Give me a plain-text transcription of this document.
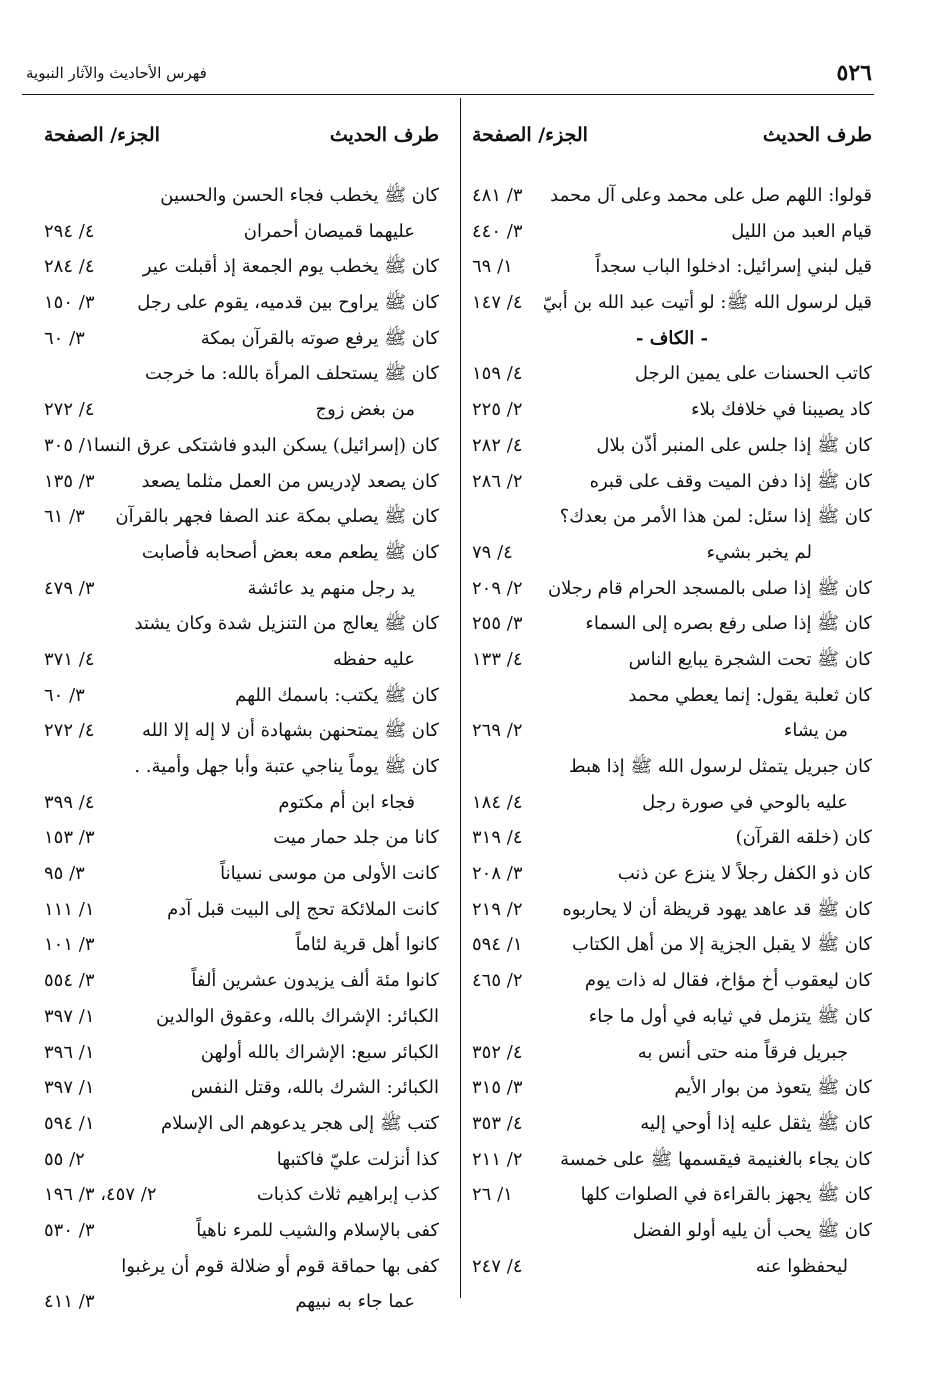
٥٢٦
فهرس الأحاديث والآثار النبوية
طرف الحديث
الجزء/ الصفحة
قولوا: اللهم صل على محمد وعلى آل محمد
٣/ ٤٨١
قيام العبد من الليل
٣/ ٤٤٠
قيل لبني إسرائيل: ادخلوا الباب سجداً
١/ ٦٩
قيل لرسول الله ﷺ: لو أتيت عبد الله بن أبيّ
٤/ ١٤٧
- الكاف -
كاتب الحسنات على يمين الرجل
٤/ ١٥٩
كاد يصيبنا في خلافك بلاء
٢/ ٢٢٥
كان ﷺ إذا جلس على المنبر أذّن بلال
٤/ ٢٨٢
كان ﷺ إذا دفن الميت وقف على قبره
٢/ ٢٨٦
كان ﷺ إذا سئل: لمن هذا الأمر من بعدك؟
لم يخبر بشيء
٤/ ٧٩
كان ﷺ إذا صلى بالمسجد الحرام قام رجلان
٢/ ٢٠٩
كان ﷺ إذا صلى رفع بصره إلى السماء
٣/ ٢٥٥
كان ﷺ تحت الشجرة يبايع الناس
٤/ ١٣٣
كان ثعلبة يقول: إنما يعطي محمد
من يشاء
٢/ ٢٦٩
كان جبريل يتمثل لرسول الله ﷺ إذا هبط
عليه بالوحي في صورة رجل
٤/ ١٨٤
كان (خلقه القرآن)
٤/ ٣١٩
كان ذو الكفل رجلاً لا ينزع عن ذنب
٣/ ٢٠٨
كان ﷺ قد عاهد يهود قريظة أن لا يحاربوه
٢/ ٢١٩
كان ﷺ لا يقبل الجزية إلا من أهل الكتاب
١/ ٥٩٤
كان ليعقوب أخ مؤاخ، فقال له ذات يوم
٢/ ٤٦٥
كان ﷺ يتزمل في ثيابه في أول ما جاء
جبريل فرقاً منه حتى أنس به
٤/ ٣٥٢
كان ﷺ يتعوذ من بوار الأيم
٣/ ٣١٥
كان ﷺ يثقل عليه إذا أوحي إليه
٤/ ٣٥٣
كان يجاء بالغنيمة فيقسمها ﷺ على خمسة
٢/ ٢١١
كان ﷺ يجهز بالقراءة في الصلوات كلها
١/ ٢٦
كان ﷺ يحب أن يليه أولو الفضل
ليحفظوا عنه
٤/ ٢٤٧
طرف الحديث
الجزء/ الصفحة
كان ﷺ يخطب فجاء الحسن والحسين
عليهما قميصان أحمران
٤/ ٢٩٤
كان ﷺ يخطب يوم الجمعة إذ أقبلت عير
٤/ ٢٨٤
كان ﷺ يراوح بين قدميه، يقوم على رجل
٣/ ١٥٠
كان ﷺ يرفع صوته بالقرآن بمكة
٣/ ٦٠
كان ﷺ يستحلف المرأة بالله: ما خرجت
من بغض زوج
٤/ ٢٧٢
كان (إسرائيل) يسكن البدو فاشتكى عرق النسا
١/ ٣٠٥
كان يصعد لإدريس من العمل مثلما يصعد
٣/ ١٣٥
كان ﷺ يصلي بمكة عند الصفا فجهر بالقرآن
٣/ ٦١
كان ﷺ يطعم معه بعض أصحابه فأصابت
يد رجل منهم يد عائشة
٣/ ٤٧٩
كان ﷺ يعالج من التنزيل شدة وكان يشتد
عليه حفظه
٤/ ٣٧١
كان ﷺ يكتب: باسمك اللهم
٣/ ٦٠
كان ﷺ يمتحنهن بشهادة أن لا إله إلا الله
٤/ ٢٧٢
كان ﷺ يوماً يناجي عتبة وأبا جهل وأمية. .
فجاء ابن أم مكتوم
٤/ ٣٩٩
كانا من جلد حمار ميت
٣/ ١٥٣
كانت الأولى من موسى نسياناً
٣/ ٩٥
كانت الملائكة تحج إلى البيت قبل آدم
١/ ١١١
كانوا أهل قرية لئاماً
٣/ ١٠١
كانوا مئة ألف يزيدون عشرين ألفاً
٣/ ٥٥٤
الكبائر: الإشراك بالله، وعقوق الوالدين
١/ ٣٩٧
الكبائر سبع: الإشراك بالله أولهن
١/ ٣٩٦
الكبائر: الشرك بالله، وقتل النفس
١/ ٣٩٧
كتب ﷺ إلى هجر يدعوهم الى الإسلام
١/ ٥٩٤
كذا أنزلت عليّ فاكتبها
٢/ ٥٥
كذب إبراهيم ثلاث كذبات
٢/ ٤٥٧، ٣/ ١٩٦
كفى بالإسلام والشيب للمرء ناهياً
٣/ ٥٣٠
كفى بها حماقة قوم أو ضلالة قوم أن يرغبوا
عما جاء به نبيهم
٣/ ٤١١
